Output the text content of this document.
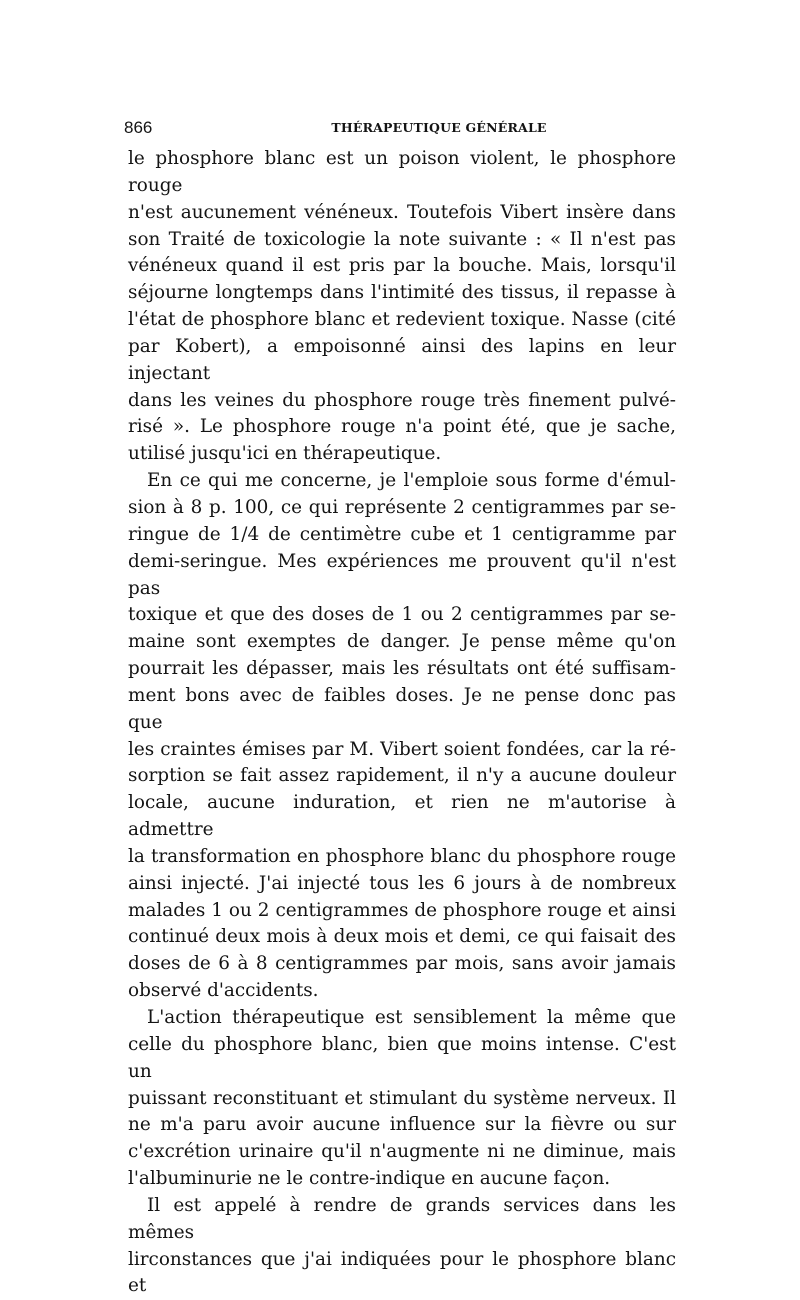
866	THÉRAPEUTIQUE GÉNÉRALE

le phosphore blanc est un poison violent, le phosphore rouge

n'est aucunement vénéneux. Toutefois Vibert insère dans

son Traité de toxicologie la note suivante : « Il n'est pas

vénéneux quand il est pris par la bouche. Mais, lorsqu'il

séjourne longtemps dans l'intimité des tissus, il repasse à

l'état de phosphore blanc et redevient toxique. Nasse (cité

par Kobert), a empoisonné ainsi des lapins en leur injectant

dans les veines du phosphore rouge très finement pulvé-

risé ». Le phosphore rouge n'a point été, que je sache,

utilisé jusqu'ici en thérapeutique.

En ce qui me concerne, je l'emploie sous forme d'émul-

sion à 8 p. 100, ce qui représente 2 centigrammes par se-

ringue de 1/4 de centimètre cube et 1 centigramme par

demi-seringue. Mes expériences me prouvent qu'il n'est pas

toxique et que des doses de 1 ou 2 centigrammes par se-

maine sont exemptes de danger. Je pense même qu'on

pourrait les dépasser, mais les résultats ont été suffisam-

ment bons avec de faibles doses. Je ne pense donc pas que

les craintes émises par M. Vibert soient fondées, car la ré-

sorption se fait assez rapidement, il n'y a aucune douleur

locale, aucune induration, et rien ne m'autorise à admettre

la transformation en phosphore blanc du phosphore rouge

ainsi injecté. J'ai injecté tous les 6 jours à de nombreux

malades 1 ou 2 centigrammes de phosphore rouge et ainsi

continué deux mois à deux mois et demi, ce qui faisait des

doses de 6 à 8 centigrammes par mois, sans avoir jamais

observé d'accidents.

L'action thérapeutique est sensiblement la même que

celle du phosphore blanc, bien que moins intense. C'est un

puissant reconstituant et stimulant du système nerveux. Il

ne m'a paru avoir aucune influence sur la fièvre ou sur

c'excrétion urinaire qu'il n'augmente ni ne diminue, mais

l'albuminurie ne le contre-indique en aucune façon.

Il est appelé à rendre de grands services dans les mêmes

lirconstances que j'ai indiquées pour le phosphore blanc et
